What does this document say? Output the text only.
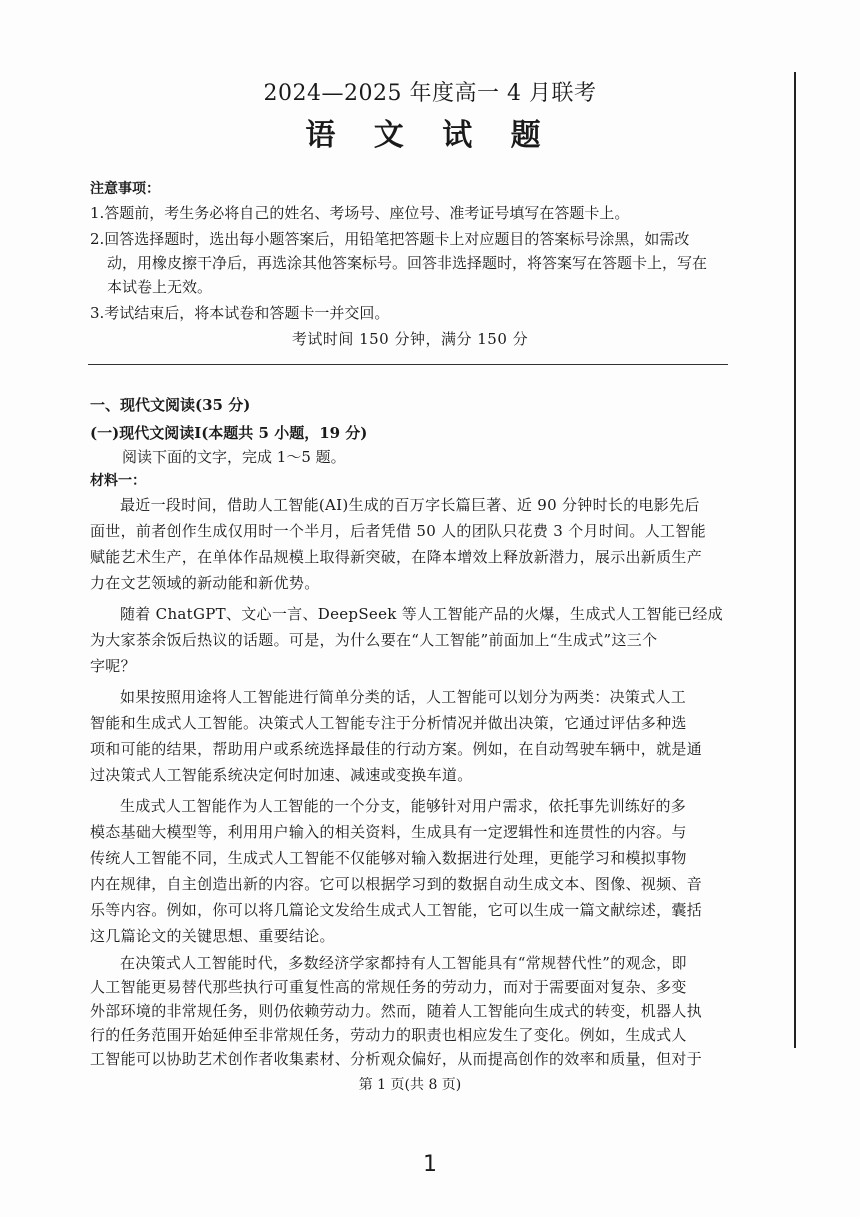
2024—2025 年度高一 4 月联考
语 文 试 题
注意事项：
1.答题前，考生务必将自己的姓名、考场号、座位号、准考证号填写在答题卡上。
2.回答选择题时，选出每小题答案后，用铅笔把答题卡上对应题目的答案标号涂黑，如需改
动，用橡皮擦干净后，再选涂其他答案标号。回答非选择题时，将答案写在答题卡上，写在
本试卷上无效。
3.考试结束后，将本试卷和答题卡一并交回。
考试时间 150 分钟，满分 150 分
一、现代文阅读(35 分)
(一)现代文阅读Ⅰ(本题共 5 小题，19 分)
阅读下面的文字，完成 1～5 题。
材料一：
最近一段时间，借助人工智能(AI)生成的百万字长篇巨著、近 90 分钟时长的电影先后
面世，前者创作生成仅用时一个半月，后者凭借 50 人的团队只花费 3 个月时间。人工智能
赋能艺术生产，在单体作品规模上取得新突破，在降本增效上释放新潜力，展示出新质生产
力在文艺领域的新动能和新优势。
随着 ChatGPT、文心一言、DeepSeek 等人工智能产品的火爆，生成式人工智能已经成
为大家茶余饭后热议的话题。可是，为什么要在“人工智能”前面加上“生成式”这三个
字呢？
如果按照用途将人工智能进行简单分类的话，人工智能可以划分为两类：决策式人工
智能和生成式人工智能。决策式人工智能专注于分析情况并做出决策，它通过评估多种选
项和可能的结果，帮助用户或系统选择最佳的行动方案。例如，在自动驾驶车辆中，就是通
过决策式人工智能系统决定何时加速、减速或变换车道。
生成式人工智能作为人工智能的一个分支，能够针对用户需求，依托事先训练好的多
模态基础大模型等，利用用户输入的相关资料，生成具有一定逻辑性和连贯性的内容。与
传统人工智能不同，生成式人工智能不仅能够对输入数据进行处理，更能学习和模拟事物
内在规律，自主创造出新的内容。它可以根据学习到的数据自动生成文本、图像、视频、音
乐等内容。例如，你可以将几篇论文发给生成式人工智能，它可以生成一篇文献综述，囊括
这几篇论文的关键思想、重要结论。
在决策式人工智能时代，多数经济学家都持有人工智能具有“常规替代性”的观念，即
人工智能更易替代那些执行可重复性高的常规任务的劳动力，而对于需要面对复杂、多变
外部环境的非常规任务，则仍依赖劳动力。然而，随着人工智能向生成式的转变，机器人执
行的任务范围开始延伸至非常规任务，劳动力的职责也相应发生了变化。例如，生成式人
第 1 页(共 8 页)
1
工智能可以协助艺术创作者收集素材、分析观众偏好，从而提高创作的效率和质量，但对于
